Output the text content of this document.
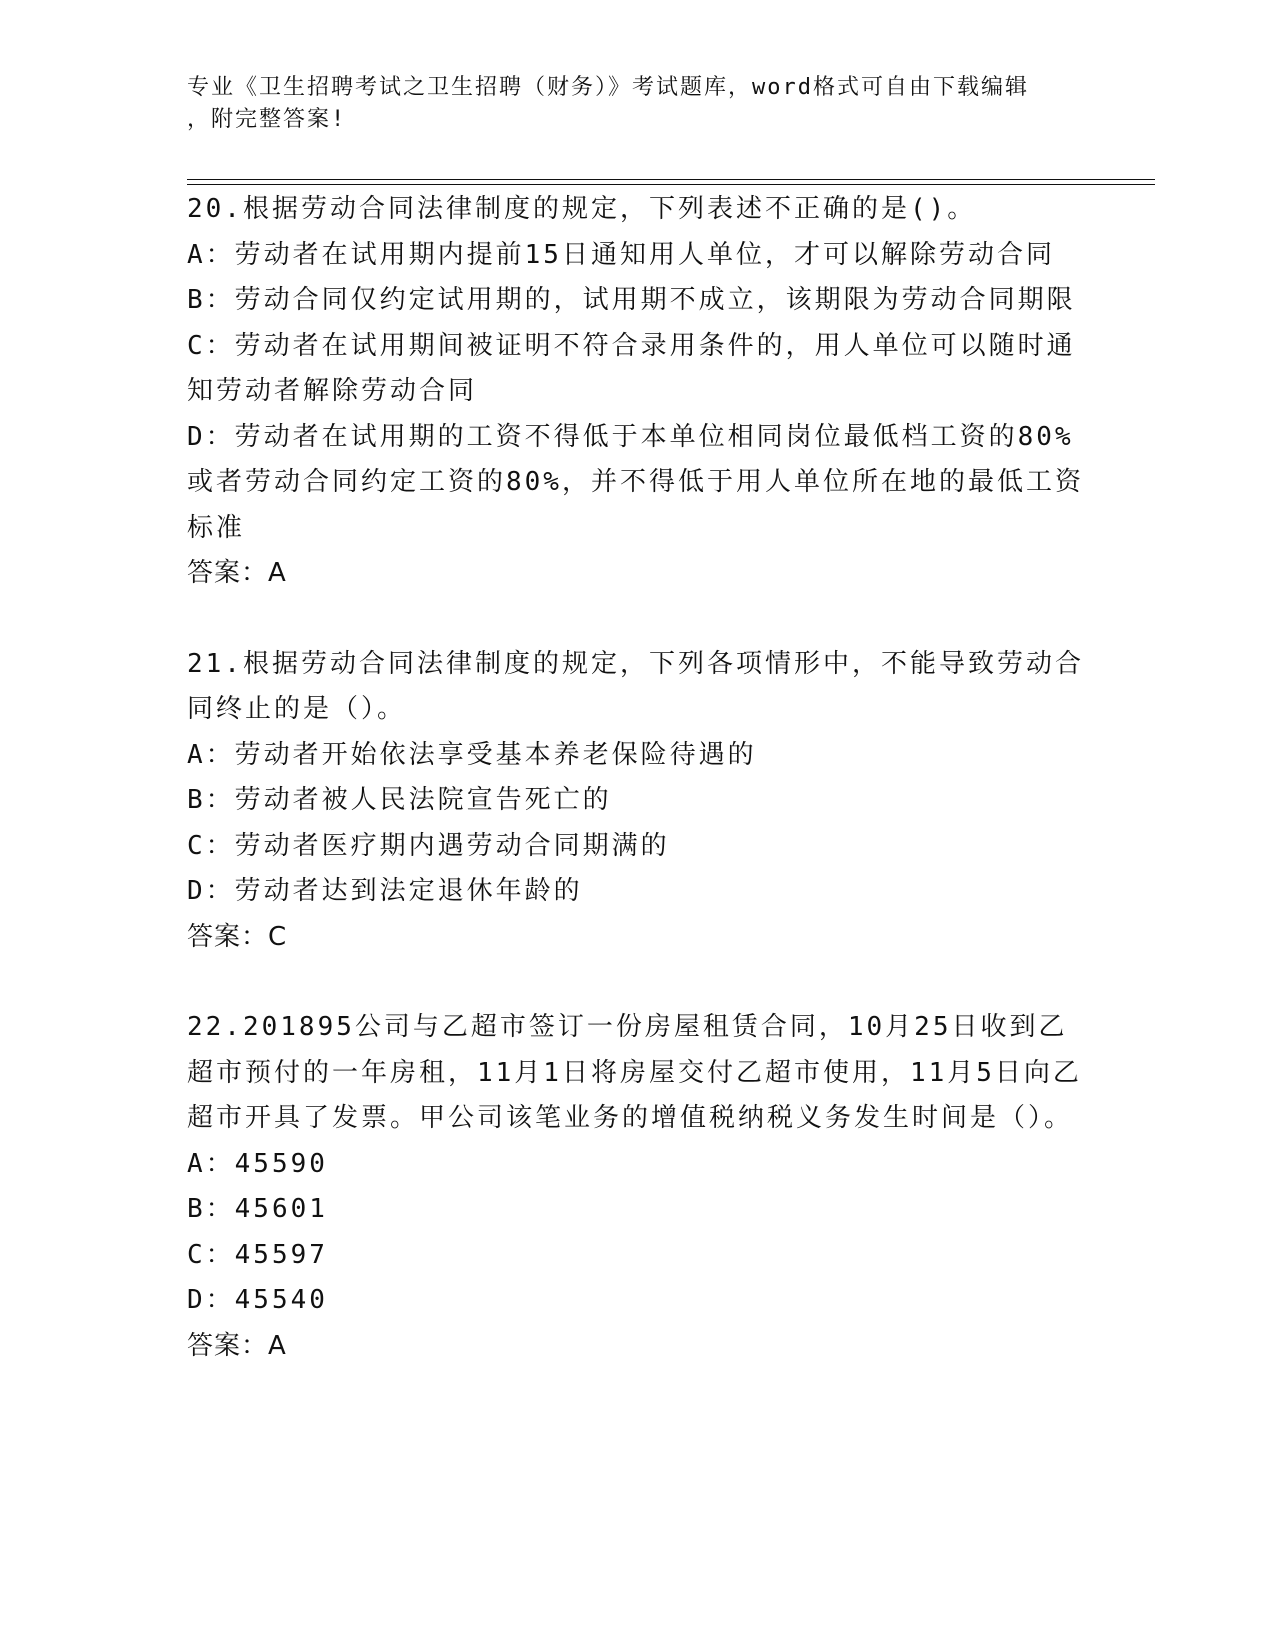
专业《卫生招聘考试之卫生招聘（财务）》考试题库，word格式可自由下载编辑
，附完整答案!

20.根据劳动合同法律制度的规定，下列表述不正确的是()。

A：劳动者在试用期内提前15日通知用人单位，才可以解除劳动合同

B：劳动合同仅约定试用期的，试用期不成立，该期限为劳动合同期限

C：劳动者在试用期间被证明不符合录用条件的，用人单位可以随时通知劳动者解除劳动合同

D：劳动者在试用期的工资不得低于本单位相同岗位最低档工资的80%或者劳动合同约定工资的80%，并不得低于用人单位所在地的最低工资标准

答案：A

21.根据劳动合同法律制度的规定，下列各项情形中，不能导致劳动合同终止的是（）。

A：劳动者开始依法享受基本养老保险待遇的

B：劳动者被人民法院宣告死亡的

C：劳动者医疗期内遇劳动合同期满的

D：劳动者达到法定退休年龄的

答案：C

22.201895公司与乙超市签订一份房屋租赁合同，10月25日收到乙超市预付的一年房租，11月1日将房屋交付乙超市使用，11月5日向乙超市开具了发票。甲公司该笔业务的增值税纳税义务发生时间是（）。

A：45590

B：45601

C：45597

D：45540

答案：A
